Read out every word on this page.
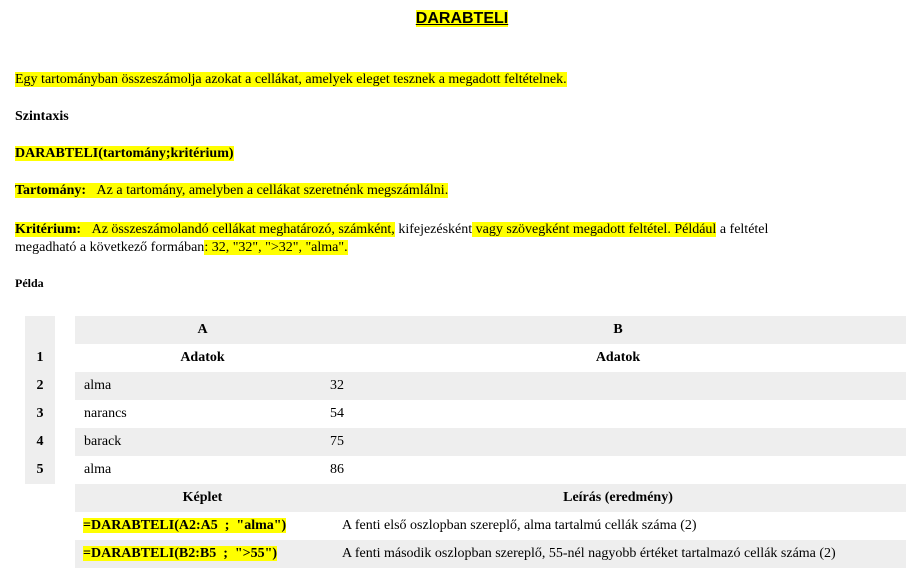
DARABTELI
Egy tartományban összeszámolja azokat a cellákat, amelyek eleget tesznek a megadott feltételnek.
Szintaxis
DARABTELI(tartomány;kritérium)
Tartomány: Az a tartomány, amelyben a cellákat szeretnénk megszámlálni.
Kritérium: Az összeszámolandó cellákat meghatározó, számként, kifejezésként vagy szövegként megadott feltétel. Például a feltétel
megadható a következő formában: 32, "32", ">32", "alma".
Példa
		A	B
1		Adatok	Adatok
2		alma	32
3		narancs	54
4		barack	75
5		alma	86
		Képlet	Leírás (eredmény)
		=DARABTELI(A2:A5  ;  "alma")	A fenti első oszlopban szereplő, alma tartalmú cellák száma (2)
		=DARABTELI(B2:B5  ;  ">55")	A fenti második oszlopban szereplő, 55-nél nagyobb értéket tartalmazó cellák száma (2)
